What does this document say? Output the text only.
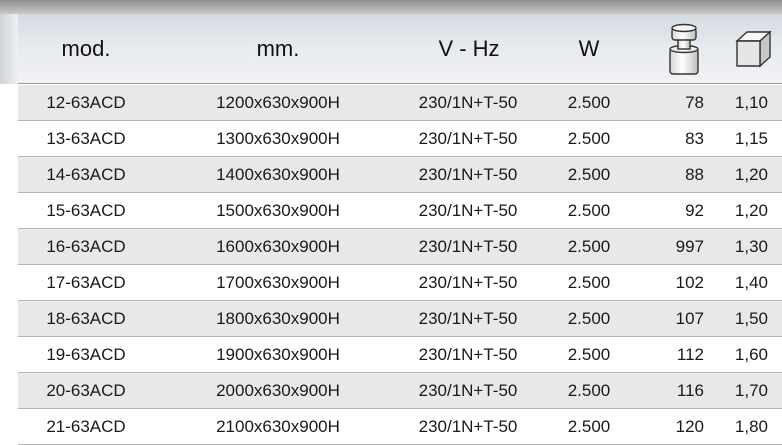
mod.	mm.	V - Hz	W
12-63ACD	1200x630x900H	230/1N+T-50	2.500	78	1,10
13-63ACD	1300x630x900H	230/1N+T-50	2.500	83	1,15
14-63ACD	1400x630x900H	230/1N+T-50	2.500	88	1,20
15-63ACD	1500x630x900H	230/1N+T-50	2.500	92	1,20
16-63ACD	1600x630x900H	230/1N+T-50	2.500	997	1,30
17-63ACD	1700x630x900H	230/1N+T-50	2.500	102	1,40
18-63ACD	1800x630x900H	230/1N+T-50	2.500	107	1,50
19-63ACD	1900x630x900H	230/1N+T-50	2.500	112	1,60
20-63ACD	2000x630x900H	230/1N+T-50	2.500	116	1,70
21-63ACD	2100x630x900H	230/1N+T-50	2.500	120	1,80
